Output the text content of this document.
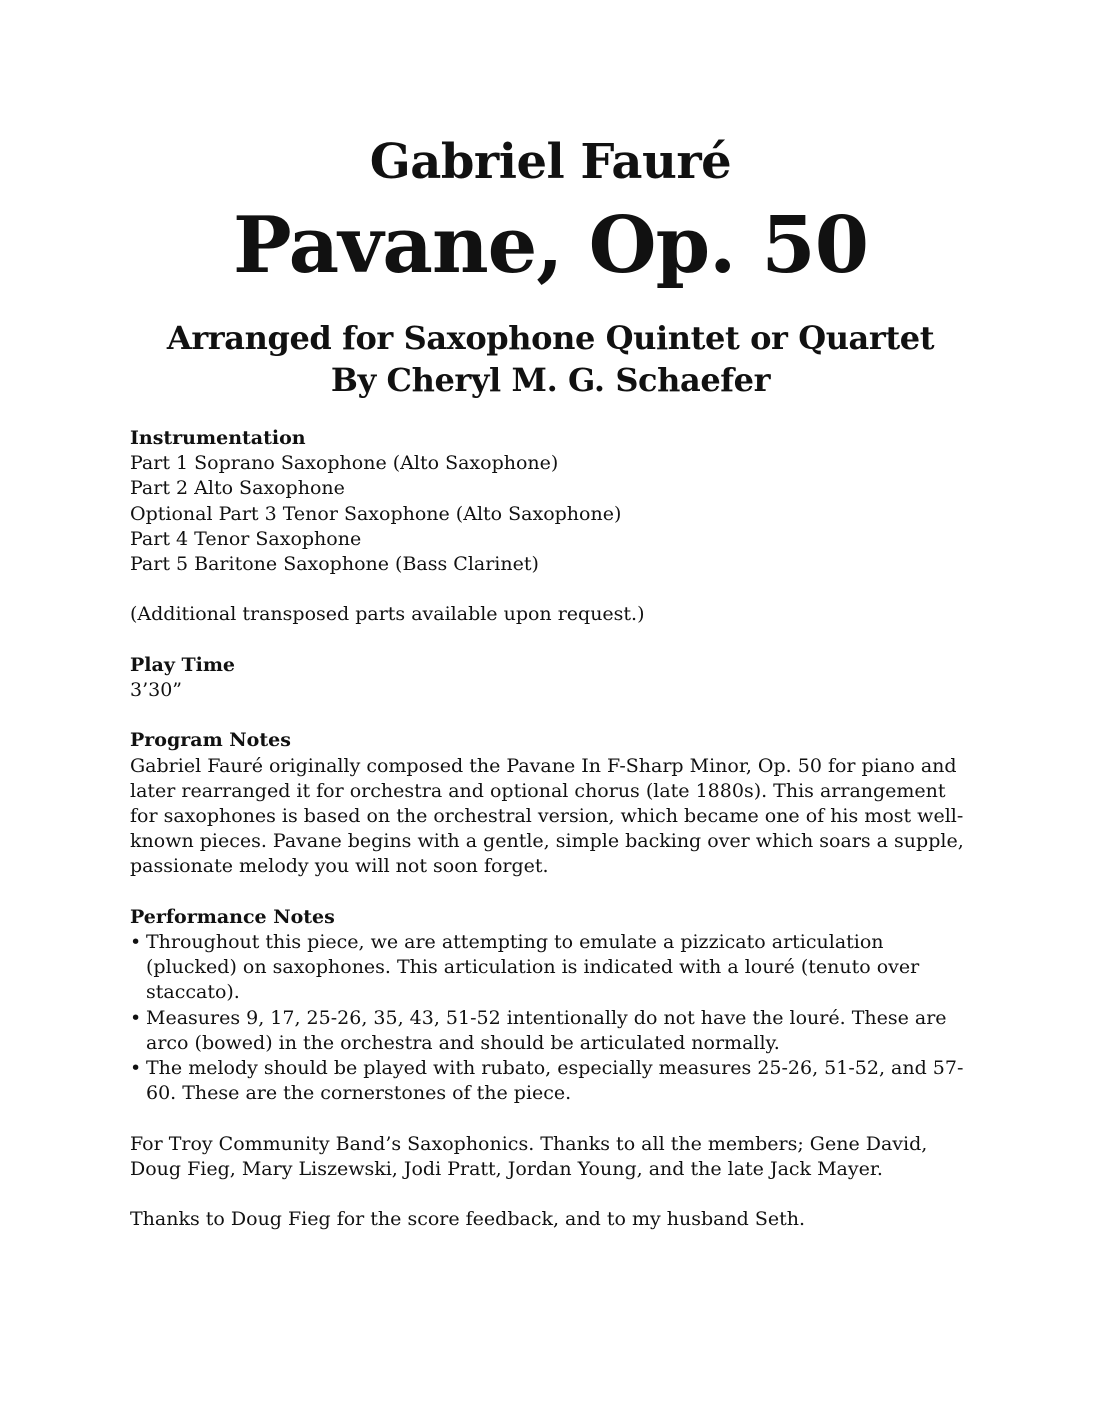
Gabriel Fauré
Pavane, Op. 50
Arranged for Saxophone Quintet or Quartet
By Cheryl M. G. Schaefer
Instrumentation
Part 1 Soprano Saxophone (Alto Saxophone)
Part 2 Alto Saxophone
Optional Part 3 Tenor Saxophone (Alto Saxophone)
Part 4 Tenor Saxophone
Part 5 Baritone Saxophone (Bass Clarinet)
(Additional transposed parts available upon request.)
Play Time
3’30”
Program Notes
Gabriel Fauré originally composed the Pavane In F-Sharp Minor, Op. 50 for piano and later rearranged it for orchestra and optional chorus (late 1880s). This arrangement for saxophones is based on the orchestral version, which became one of his most well-known pieces. Pavane begins with a gentle, simple backing over which soars a supple, passionate melody you will not soon forget.
Performance Notes
• Throughout this piece, we are attempting to emulate a pizzicato articulation (plucked) on saxophones. This articulation is indicated with a louré (tenuto over staccato).
• Measures 9, 17, 25-26, 35, 43, 51-52 intentionally do not have the louré. These are arco (bowed) in the orchestra and should be articulated normally.
• The melody should be played with rubato, especially measures 25-26, 51-52, and 57-60. These are the cornerstones of the piece.
For Troy Community Band’s Saxophonics. Thanks to all the members; Gene David, Doug Fieg, Mary Liszewski, Jodi Pratt, Jordan Young, and the late Jack Mayer.
Thanks to Doug Fieg for the score feedback, and to my husband Seth.
